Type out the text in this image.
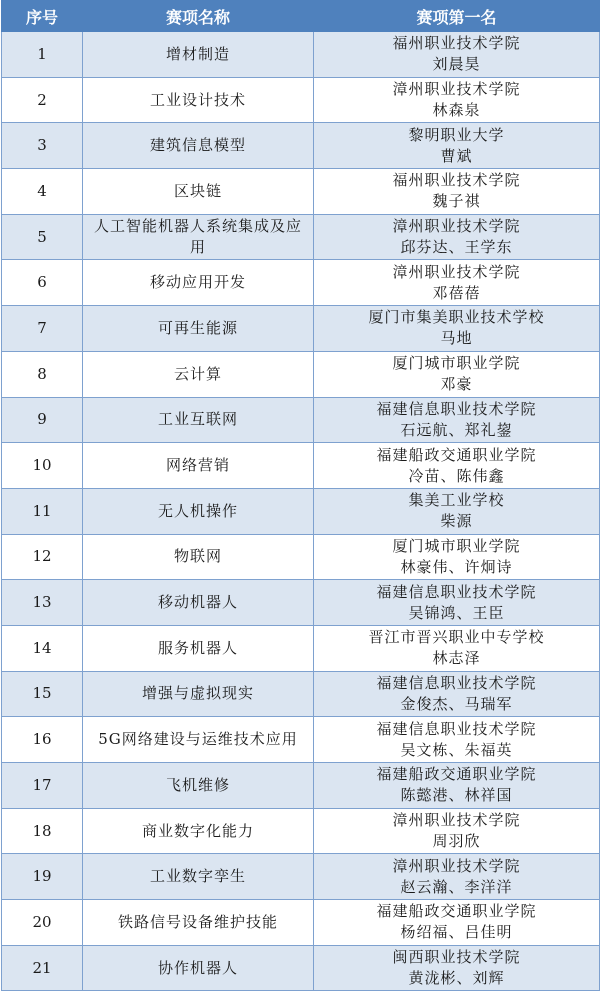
序号	赛项名称	赛项第一名
1	增材制造	福州职业技术学院
刘晨昊

2	工业设计技术	漳州职业技术学院
林森泉

3	建筑信息模型	黎明职业大学
曹斌

4	区块链	福州职业技术学院
魏子祺

5	人工智能机器人系统集成及应用	漳州职业技术学院
邱芬达、王学东

6	移动应用开发	漳州职业技术学院
邓蓓蓓

7	可再生能源	厦门市集美职业技术学校
马地

8	云计算	厦门城市职业学院
邓豪

9	工业互联网	福建信息职业技术学院
石远航、郑礼鋆

10	网络营销	福建船政交通职业学院
冷苗、陈伟鑫

11	无人机操作	集美工业学校
柴源

12	物联网	厦门城市职业学院
林豪伟、许炯诗

13	移动机器人	福建信息职业技术学院
吴锦鸿、王臣

14	服务机器人	晋江市晋兴职业中专学校
林志泽

15	增强与虚拟现实	福建信息职业技术学院
金俊杰、马瑞军

16	5G网络建设与运维技术应用	福建信息职业技术学院
吴文栋、朱福英

17	飞机维修	福建船政交通职业学院
陈懿港、林祥国

18	商业数字化能力	漳州职业技术学院
周羽欣

19	工业数字孪生	漳州职业技术学院
赵云瀚、李洋洋

20	铁路信号设备维护技能	福建船政交通职业学院
杨绍福、吕佳明

21	协作机器人	闽西职业技术学院
黄泷彬、刘辉
